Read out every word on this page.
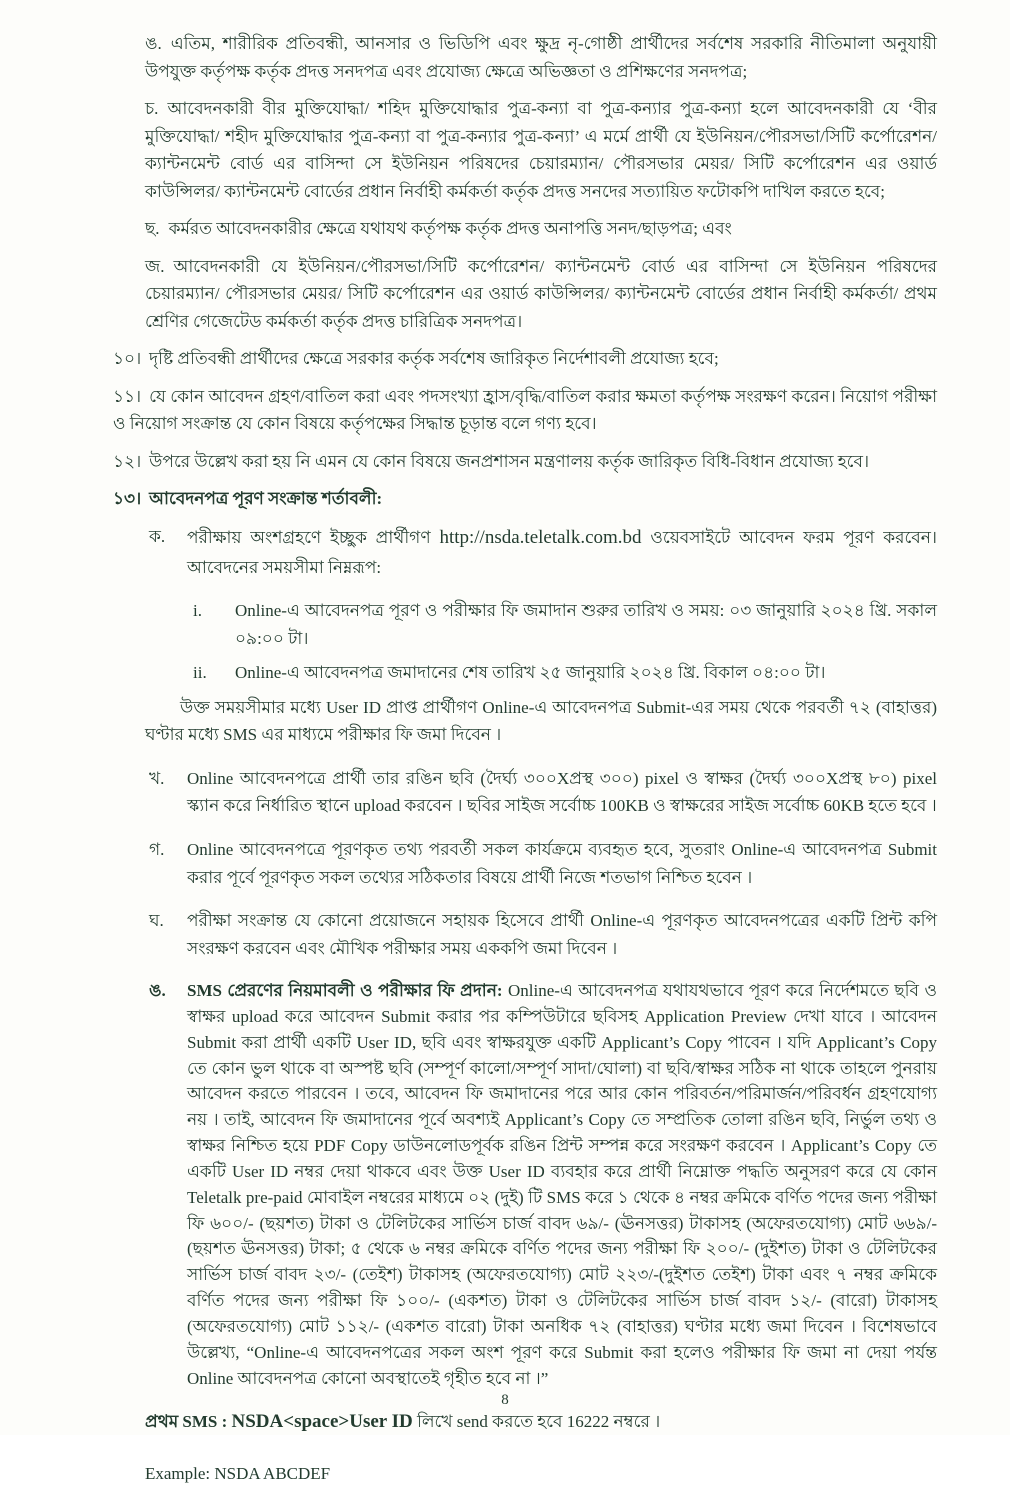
ঙ. এতিম, শারীরিক প্রতিবন্ধী, আনসার ও ভিডিপি এবং ক্ষুদ্র নৃ-গোষ্ঠী প্রার্থীদের সর্বশেষ সরকারি নীতিমালা অনুযায়ী উপযুক্ত কর্তৃপক্ষ কর্তৃক প্রদত্ত সনদপত্র এবং প্রযোজ্য ক্ষেত্রে অভিজ্ঞতা ও প্রশিক্ষণের সনদপত্র;

চ. আবেদনকারী বীর মুক্তিযোদ্ধা/ শহিদ মুক্তিযোদ্ধার পুত্র-কন্যা বা পুত্র-কন্যার পুত্র-কন্যা হলে আবেদনকারী যে ‘বীর মুক্তিযোদ্ধা/ শহীদ মুক্তিযোদ্ধার পুত্র-কন্যা বা পুত্র-কন্যার পুত্র-কন্যা’ এ মর্মে প্রার্থী যে ইউনিয়ন/পৌরসভা/সিটি কর্পোরেশন/ ক্যান্টনমেন্ট বোর্ড এর বাসিন্দা সে ইউনিয়ন পরিষদের চেয়ারম্যান/ পৌরসভার মেয়র/ সিটি কর্পোরেশন এর ওয়ার্ড কাউন্সিলর/ ক্যান্টনমেন্ট বোর্ডের প্রধান নির্বাহী কর্মকর্তা কর্তৃক প্রদত্ত সনদের সত্যায়িত ফটোকপি দাখিল করতে হবে;

ছ. কর্মরত আবেদনকারীর ক্ষেত্রে যথাযথ কর্তৃপক্ষ কর্তৃক প্রদত্ত অনাপত্তি সনদ/ছাড়পত্র; এবং

জ. আবেদনকারী যে ইউনিয়ন/পৌরসভা/সিটি কর্পোরেশন/ ক্যান্টনমেন্ট বোর্ড এর বাসিন্দা সে ইউনিয়ন পরিষদের চেয়ারম্যান/ পৌরসভার মেয়র/ সিটি কর্পোরেশন এর ওয়ার্ড কাউন্সিলর/ ক্যান্টনমেন্ট বোর্ডের প্রধান নির্বাহী কর্মকর্তা/ প্রথম শ্রেণির গেজেটেড কর্মকর্তা কর্তৃক প্রদত্ত চারিত্রিক সনদপত্র।

১০। দৃষ্টি প্রতিবন্ধী প্রার্থীদের ক্ষেত্রে সরকার কর্তৃক সর্বশেষ জারিকৃত নির্দেশাবলী প্রযোজ্য হবে;

১১। যে কোন আবেদন গ্রহণ/বাতিল করা এবং পদসংখ্যা হ্রাস/বৃদ্ধি/বাতিল করার ক্ষমতা কর্তৃপক্ষ সংরক্ষণ করেন। নিয়োগ পরীক্ষা ও নিয়োগ সংক্রান্ত যে কোন বিষয়ে কর্তৃপক্ষের সিদ্ধান্ত চূড়ান্ত বলে গণ্য হবে।

১২। উপরে উল্লেখ করা হয় নি এমন যে কোন বিষয়ে জনপ্রশাসন মন্ত্রণালয় কর্তৃক জারিকৃত বিধি-বিধান প্রযোজ্য হবে।

১৩। আবেদনপত্র পূরণ সংক্রান্ত শর্তাবলী:

ক.	পরীক্ষায় অংশগ্রহণে ইচ্ছুক প্রার্থীগণ http://nsda.teletalk.com.bd ওয়েবসাইটে আবেদন ফরম পূরণ করবেন। আবেদনের সময়সীমা নিম্নরূপ:
i.	Online-এ আবেদনপত্র পূরণ ও পরীক্ষার ফি জমাদান শুরুর তারিখ ও সময়: ০৩ জানুয়ারি ২০২৪ খ্রি. সকাল ০৯:০০ টা।
ii.	Online-এ আবেদনপত্র জমাদানের শেষ তারিখ ২৫ জানুয়ারি ২০২৪ খ্রি. বিকাল ০৪:০০ টা।

উক্ত সময়সীমার মধ্যে User ID প্রাপ্ত প্রার্থীগণ Online-এ আবেদনপত্র Submit-এর সময় থেকে পরবর্তী ৭২ (বাহাত্তর) ঘণ্টার মধ্যে SMS এর মাধ্যমে পরীক্ষার ফি জমা দিবেন ।

খ.	Online আবেদনপত্রে প্রার্থী তার রঙিন ছবি (দৈর্ঘ্য ৩০০Xপ্রস্থ ৩০০) pixel ও স্বাক্ষর (দৈর্ঘ্য ৩০০Xপ্রস্থ ৮০) pixel স্ক্যান করে নির্ধারিত স্থানে upload করবেন । ছবির সাইজ সর্বোচ্চ 100KB ও স্বাক্ষরের সাইজ সর্বোচ্চ 60KB হতে হবে ।
গ.	Online আবেদনপত্রে পূরণকৃত তথ্য পরবর্তী সকল কার্যক্রমে ব্যবহৃত হবে, সুতরাং Online-এ আবেদনপত্র Submit করার পূর্বে পূরণকৃত সকল তথ্যের সঠিকতার বিষয়ে প্রার্থী নিজে শতভাগ নিশ্চিত হবেন ।
ঘ.	পরীক্ষা সংক্রান্ত যে কোনো প্রয়োজনে সহায়ক হিসেবে প্রার্থী Online-এ পূরণকৃত আবেদনপত্রের একটি প্রিন্ট কপি সংরক্ষণ করবেন এবং মৌখিক পরীক্ষার সময় এককপি জমা দিবেন ।
ঙ.	SMS প্রেরণের নিয়মাবলী ও পরীক্ষার ফি প্রদান: Online-এ আবেদনপত্র যথাযথভাবে পূরণ করে নির্দেশমতে ছবি ও স্বাক্ষর upload করে আবেদন Submit করার পর কম্পিউটারে ছবিসহ Application Preview দেখা যাবে । আবেদন Submit করা প্রার্থী একটি User ID, ছবি এবং স্বাক্ষরযুক্ত একটি Applicant’s Copy পাবেন । যদি Applicant’s Copy তে কোন ভুল থাকে বা অস্পষ্ট ছবি (সম্পূর্ণ কালো/সম্পূর্ণ সাদা/ঘোলা) বা ছবি/স্বাক্ষর সঠিক না থাকে তাহলে পুনরায় আবেদন করতে পারবেন । তবে, আবেদন ফি জমাদানের পরে আর কোন পরিবর্তন/পরিমার্জন/পরিবর্ধন গ্রহণযোগ্য নয় । তাই, আবেদন ফি জমাদানের পূর্বে অবশ্যই Applicant’s Copy তে সম্প্রতিক তোলা রঙিন ছবি, নির্ভুল তথ্য ও স্বাক্ষর নিশ্চিত হয়ে PDF Copy ডাউনলোডপূর্বক রঙিন প্রিন্ট সম্পন্ন করে সংরক্ষণ করবেন । Applicant’s Copy তে একটি User ID নম্বর দেয়া থাকবে এবং উক্ত User ID ব্যবহার করে প্রার্থী নিম্নোক্ত পদ্ধতি অনুসরণ করে যে কোন Teletalk pre-paid মোবাইল নম্বরের মাধ্যমে ০২ (দুই) টি SMS করে ১ থেকে ৪ নম্বর ক্রমিকে বর্ণিত পদের জন্য পরীক্ষা ফি ৬০০/- (ছয়শত) টাকা ও টেলিটকের সার্ভিস চার্জ বাবদ ৬৯/- (ঊনসত্তর) টাকাসহ (অফেরতযোগ্য) মোট ৬৬৯/- (ছয়শত ঊনসত্তর) টাকা; ৫ থেকে ৬ নম্বর ক্রমিকে বর্ণিত পদের জন্য পরীক্ষা ফি ২০০/- (দুইশত) টাকা ও টেলিটকের সার্ভিস চার্জ বাবদ ২৩/- (তেইশ) টাকাসহ (অফেরতযোগ্য) মোট ২২৩/-(দুইশত তেইশ) টাকা এবং ৭ নম্বর ক্রমিকে বর্ণিত পদের জন্য পরীক্ষা ফি ১০০/- (একশত) টাকা ও টেলিটকের সার্ভিস চার্জ বাবদ ১২/- (বারো) টাকাসহ (অফেরতযোগ্য) মোট ১১২/- (একশত বারো) টাকা অনধিক ৭২ (বাহাত্তর) ঘণ্টার মধ্যে জমা দিবেন । বিশেষভাবে উল্লেখ্য, “Online-এ আবেদনপত্রের সকল অংশ পূরণ করে Submit করা হলেও পরীক্ষার ফি জমা না দেয়া পর্যন্ত Online আবেদনপত্র কোনো অবস্থাতেই গৃহীত হবে না ।”

প্রথম SMS : NSDA<space>User ID লিখে send করতে হবে 16222 নম্বরে ।

Example: NSDA ABCDEF

8
